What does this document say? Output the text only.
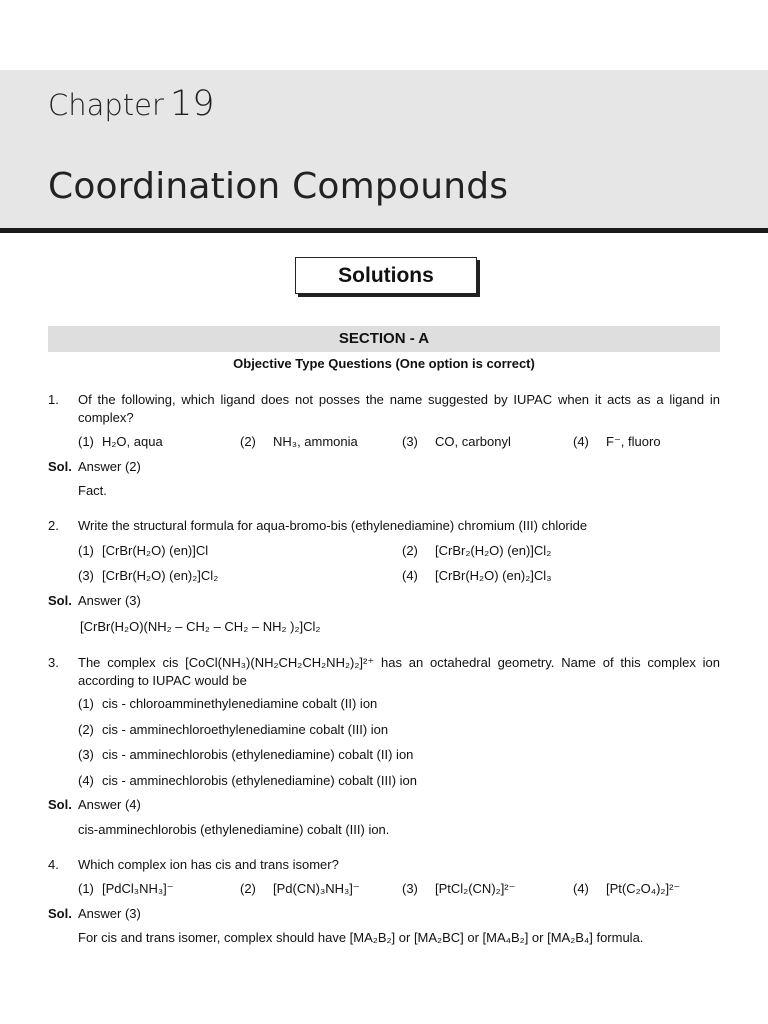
Chapter 19
Coordination Compounds
Solutions
SECTION - A
Objective Type Questions (One option is correct)
1. Of the following, which ligand does not posses the name suggested by IUPAC when it acts as a ligand in complex?
(1) H₂O, aqua	(2) NH₃, ammonia	(3) CO, carbonyl	(4) F⁻, fluoro
Sol. Answer (2)
Fact.
2. Write the structural formula for aqua-bromo-bis (ethylenediamine) chromium (III) chloride
(1) [CrBr(H₂O) (en)]Cl	(2) [CrBr₂(H₂O) (en)]Cl₂
(3) [CrBr(H₂O) (en)₂]Cl₂	(4) [CrBr(H₂O) (en)₂]Cl₃
Sol. Answer (3)
[CrBr(H₂O)(NH₂ – CH₂ – CH₂ – NH₂ )₂]Cl₂
3. The complex cis [CoCl(NH₃)(NH₂CH₂CH₂NH₂)₂]²⁺ has an octahedral geometry. Name of this complex ion according to IUPAC would be
(1) cis - chloroamminethylenediamine cobalt (II) ion
(2) cis - amminechloroethylenediamine cobalt (III) ion
(3) cis - amminechlorobis (ethylenediamine) cobalt (II) ion
(4) cis - amminechlorobis (ethylenediamine) cobalt (III) ion
Sol. Answer (4)
cis-amminechlorobis (ethylenediamine) cobalt (III) ion.
4. Which complex ion has cis and trans isomer?
(1) [PdCl₃NH₃]⁻	(2) [Pd(CN)₃NH₃]⁻	(3) [PtCl₂(CN)₂]²⁻	(4) [Pt(C₂O₄)₂]²⁻
Sol. Answer (3)
For cis and trans isomer, complex should have [MA₂B₂] or [MA₂BC] or [MA₄B₂] or [MA₂B₄] formula.
